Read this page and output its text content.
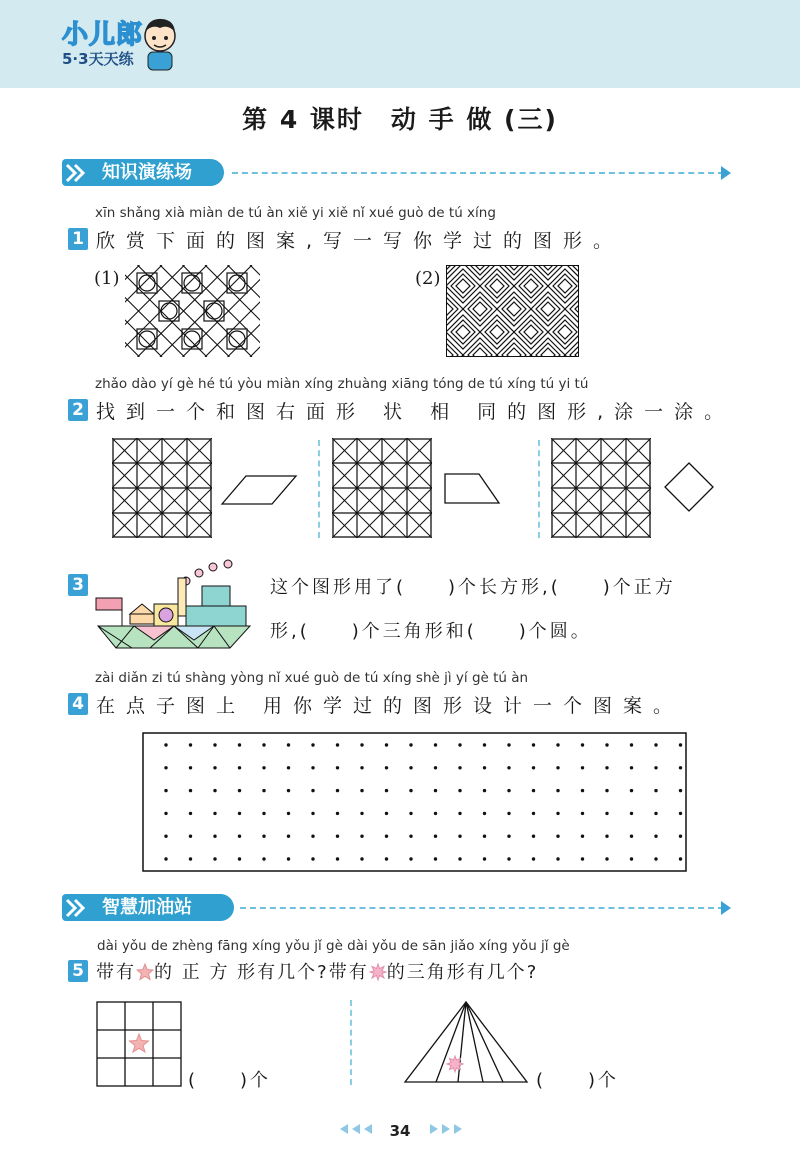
小儿郎
5·3天天练
第 4 课时　动 手 做 (三)
知识演练场
xīn shǎng xià miàn de tú àn xiě yi xiě nǐ xué guò de tú xíng
1 欣赏下面的图案,写一写你学过的图形。
(1)	(2)
zhǎo dào yí gè hé tú yòu miàn xíng zhuàng xiāng tóng de tú xíng tú yi tú
2 找到一个和图右面形 状 相 同的图形,涂一涂。
3	这个图形用了(　　)个长方形,(　　)个正方
形,(　　)个三角形和(　　)个圆。
zài diǎn zi tú shàng yòng nǐ xué guò de tú xíng shè jì yí gè tú àn
4 在点子图上 用你学过的图形设计一个图案。
智慧加油站
dài yǒu de zhèng fāng xíng yǒu jǐ gè dài yǒu de sān jiǎo xíng yǒu jǐ gè
5 带有 的 正 方 形有几个?带有 的三角形有几个?
(　　)个	(　　)个
34
